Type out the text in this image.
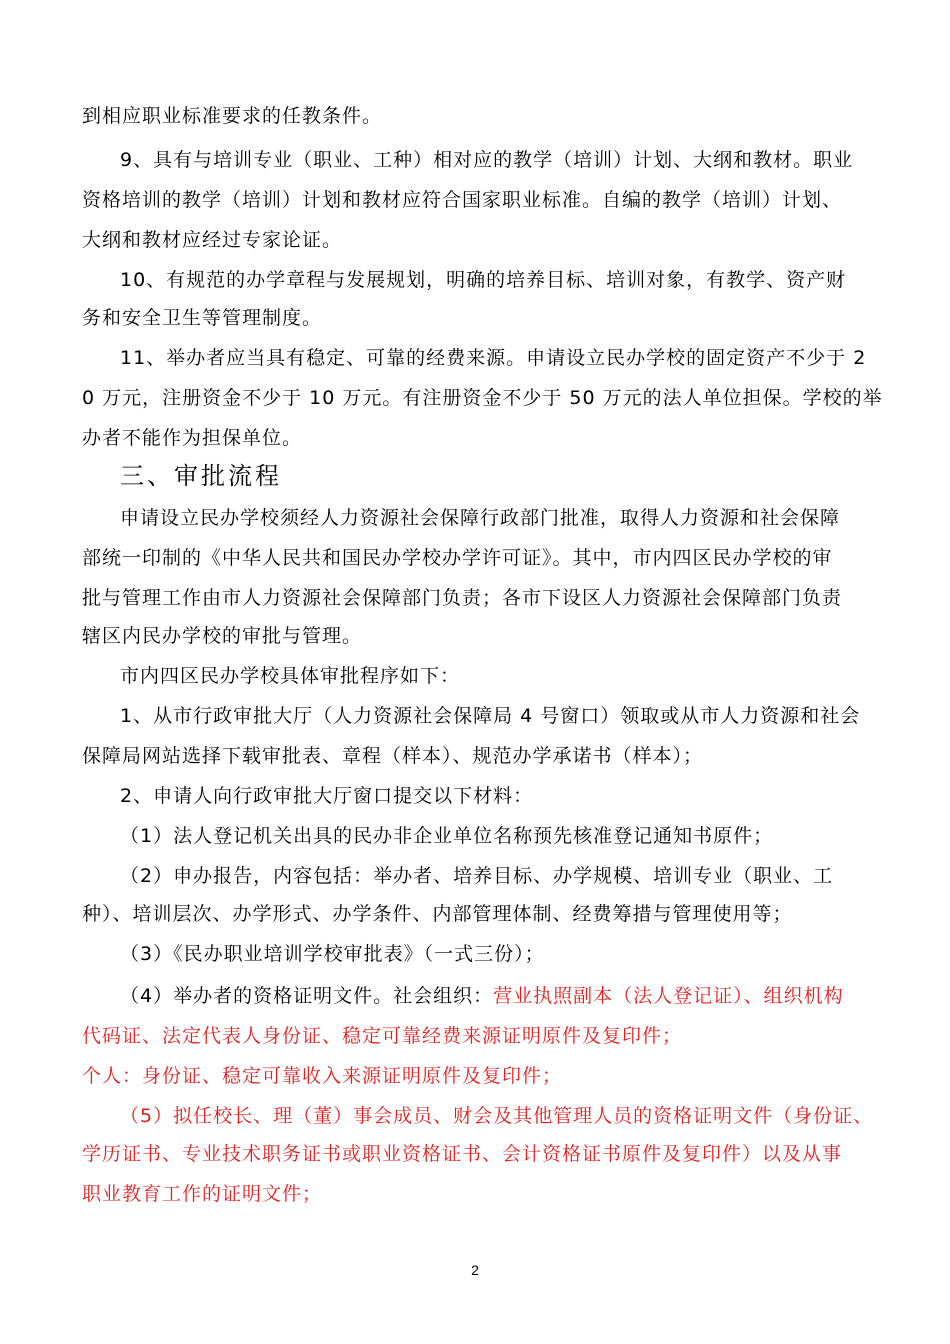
到相应职业标准要求的任教条件。
9、具有与培训专业（职业、工种）相对应的教学（培训）计划、大纲和教材。职业
资格培训的教学（培训）计划和教材应符合国家职业标准。自编的教学（培训）计划、
大纲和教材应经过专家论证。
10、有规范的办学章程与发展规划，明确的培养目标、培训对象，有教学、资产财
务和安全卫生等管理制度。
11、举办者应当具有稳定、可靠的经费来源。申请设立民办学校的固定资产不少于 2
0 万元，注册资金不少于 10 万元。有注册资金不少于 50 万元的法人单位担保。学校的举
办者不能作为担保单位。
三、审批流程
申请设立民办学校须经人力资源社会保障行政部门批准，取得人力资源和社会保障
部统一印制的《中华人民共和国民办学校办学许可证》。其中，市内四区民办学校的审
批与管理工作由市人力资源社会保障部门负责；各市下设区人力资源社会保障部门负责
辖区内民办学校的审批与管理。
市内四区民办学校具体审批程序如下：
1、从市行政审批大厅（人力资源社会保障局 4 号窗口）领取或从市人力资源和社会
保障局网站选择下载审批表、章程（样本）、规范办学承诺书（样本）；
2、申请人向行政审批大厅窗口提交以下材料：
（1）法人登记机关出具的民办非企业单位名称预先核准登记通知书原件；
（2）申办报告，内容包括：举办者、培养目标、办学规模、培训专业（职业、工
种）、培训层次、办学形式、办学条件、内部管理体制、经费筹措与管理使用等；
（3）《民办职业培训学校审批表》（一式三份）；
（4）举办者的资格证明文件。社会组织：营业执照副本（法人登记证）、组织机构
代码证、法定代表人身份证、稳定可靠经费来源证明原件及复印件；
个人：身份证、稳定可靠收入来源证明原件及复印件；
（5）拟任校长、理（董）事会成员、财会及其他管理人员的资格证明文件（身份证、
学历证书、专业技术职务证书或职业资格证书、会计资格证书原件及复印件）以及从事
职业教育工作的证明文件；
2
